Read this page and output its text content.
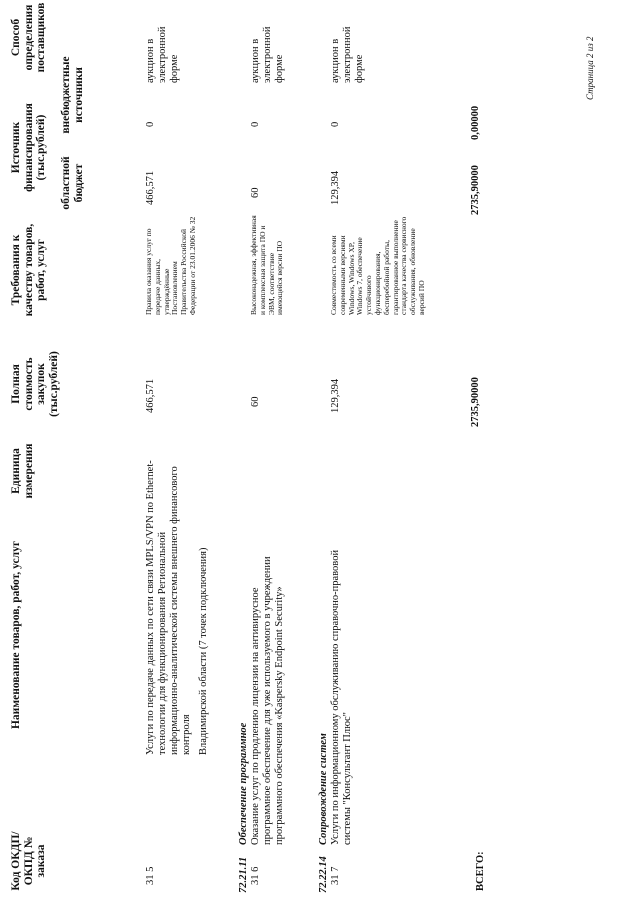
Код ОКДП/ ОКПД № заказа
Наименование товаров, работ, услуг
Единица измерения
Полная стоимость закупок (тыс.рублей)
Требования к качеству товаров, работ, услуг
Источник финансирования (тыс.рублей)
областной бюджет
внебюджетные источники
Способ определения поставщиков
31 5
Услуги по передаче данных по сети связи MPLS/VPN по Ethernet-технологии для функционирования Региональной информационно-аналитической системы внешнего финансового контроля Владимирской области (7 точек подключения)
466,571
Правила оказания услуг по передаче данных, утверждённые Постановлением Правительства Российской Федерации от 23.01.2006 № 32
466,571
0
аукцион в электронной форме
72.21.11
Обеспечение программное
31 6
Оказание услуг по продлению лицензии на антивирусное программное обеспечение для уже используемого в учреждении программного обеспечения «Kaspersky Endpoint Security»
60
Высоконадежная, эффективная и комплексная защита ПО и ЭВМ, соответствие имеющейся версии ПО
60
0
аукцион в электронной форме
72.22.14
Сопровождение систем
31 7
Услуги по информационному обслуживанию справочно-правовой системы "Консультант Плюс"
129,394
Совместимость со всеми современными версиями Windows, Windows XP, Windows 7, обеспечение устойчивого функционирования, бесперебойной работы, гарантированное выполнение стандарта качества сервисного обслуживания, обновление версий ПО
129,394
0
аукцион в электронной форме
ВСЕГО:
2735,90000
2735,90000
0,00000
Страница 2 из 2
